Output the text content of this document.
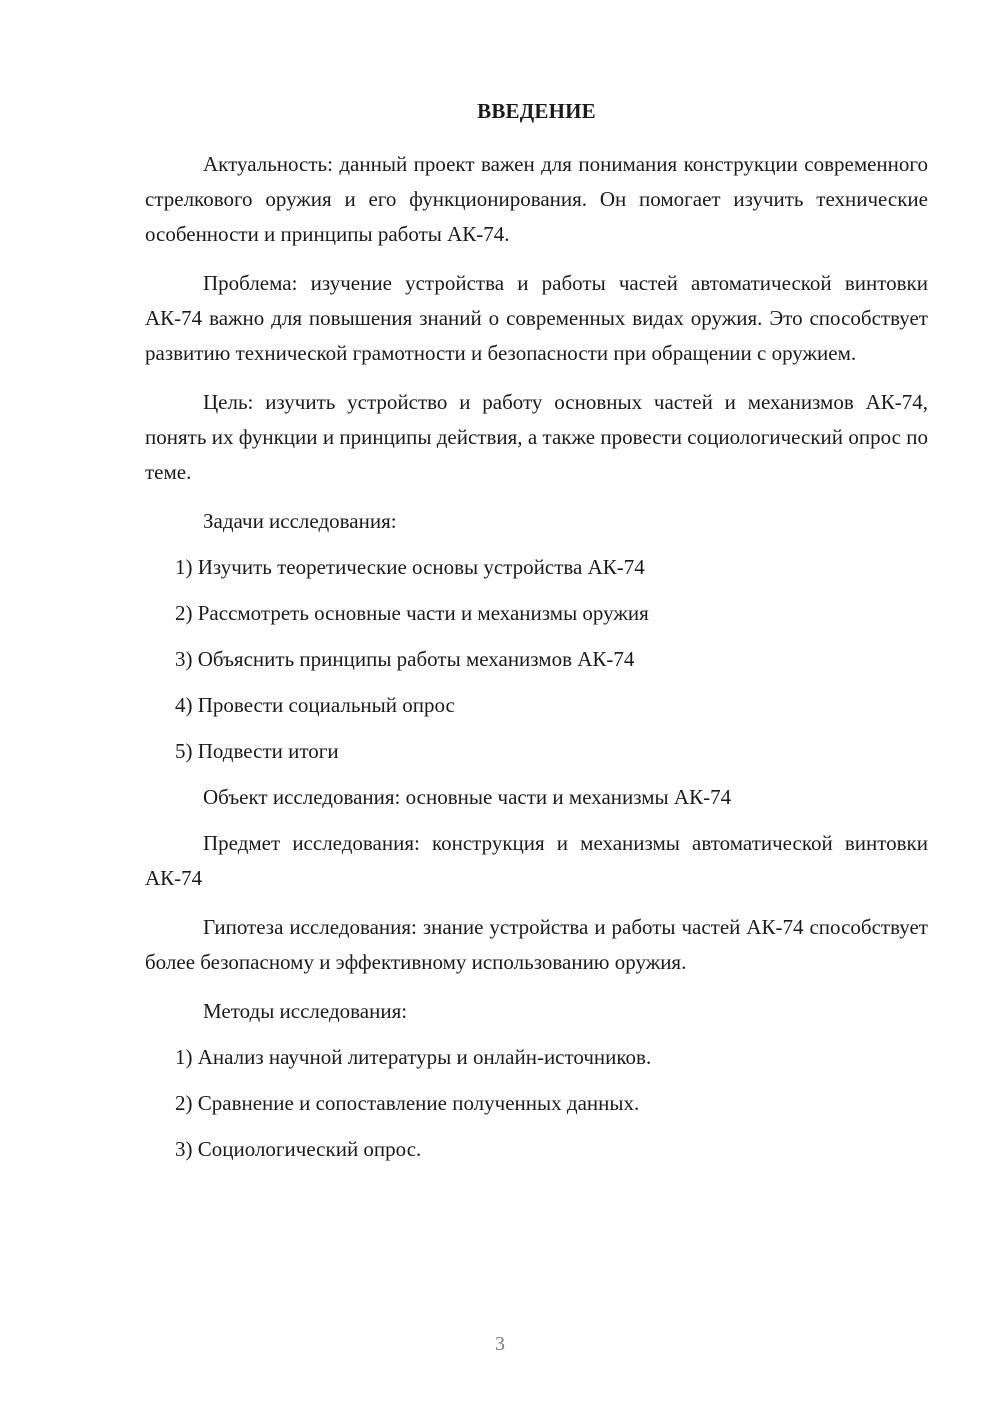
ВВЕДЕНИЕ

Актуальность: данный проект важен для понимания конструкции современного стрелкового оружия и его функционирования. Он помогает изучить технические особенности и принципы работы АК-74.

Проблема: изучение устройства и работы частей автоматической винтовки АК-74 важно для повышения знаний о современных видах оружия. Это способствует развитию технической грамотности и безопасности при обращении с оружием.

Цель: изучить устройство и работу основных частей и механизмов АК-74, понять их функции и принципы действия, а также провести социологический опрос по теме.

Задачи исследования:

1) Изучить теоретические основы устройства АК-74

2) Рассмотреть основные части и механизмы оружия

3) Объяснить принципы работы механизмов АК-74

4) Провести социальный опрос

5) Подвести итоги

Объект исследования: основные части и механизмы АК-74

Предмет исследования: конструкция и механизмы автоматической винтовки АК-74

Гипотеза исследования: знание устройства и работы частей АК-74 способствует более безопасному и эффективному использованию оружия.

Методы исследования:

1) Анализ научной литературы и онлайн-источников.

2) Сравнение и сопоставление полученных данных.

3) Социологический опрос.

3
